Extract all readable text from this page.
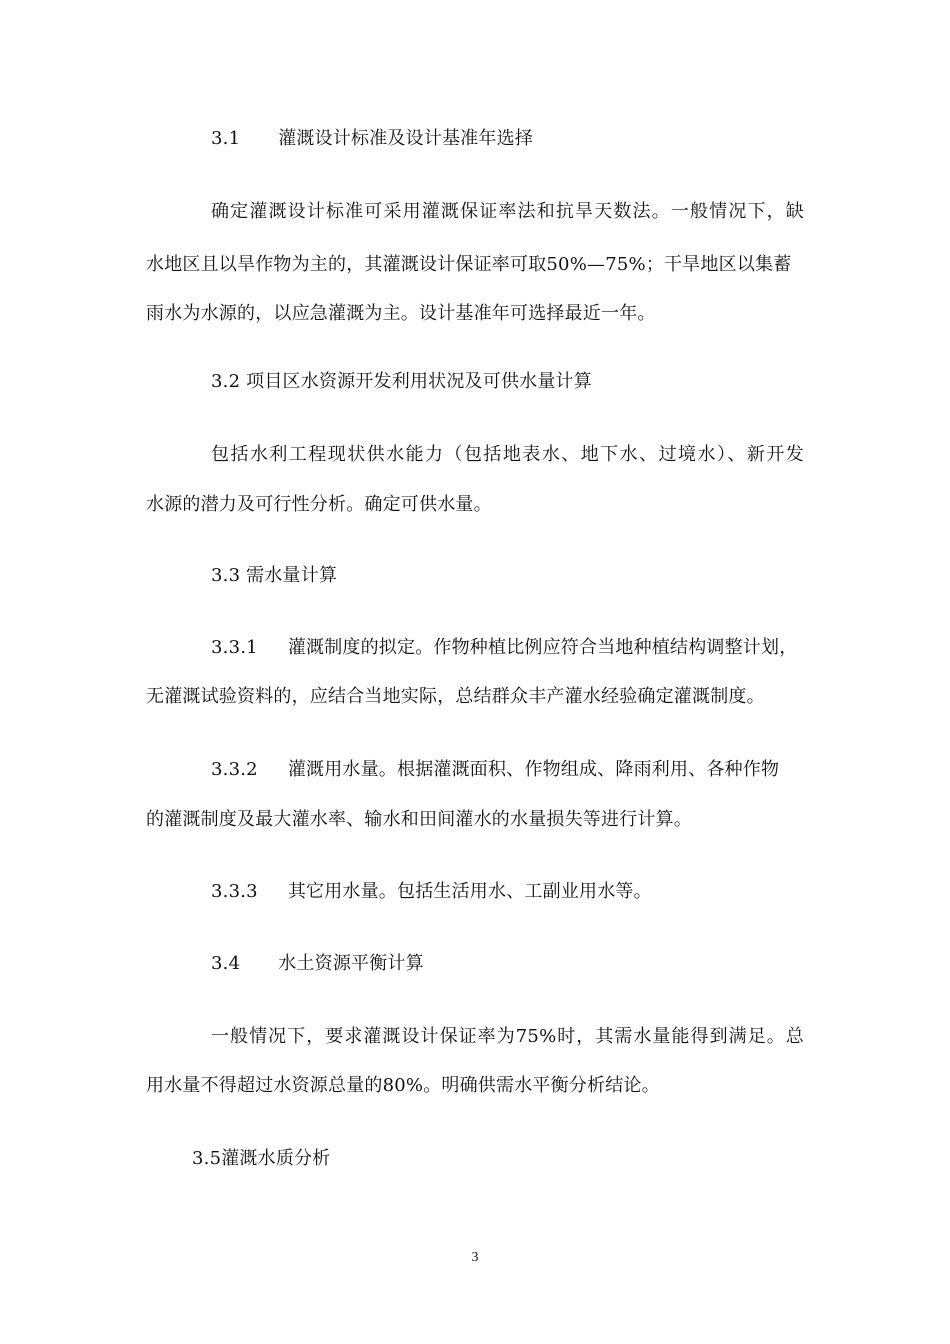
3.1 灌溉设计标准及设计基准年选择

确定灌溉设计标准可采用灌溉保证率法和抗旱天数法。一般情况下，缺

水地区且以旱作物为主的，其灌溉设计保证率可取50%—75%；干旱地区以集蓄

雨水为水源的，以应急灌溉为主。设计基准年可选择最近一年。

3.2 项目区水资源开发利用状况及可供水量计算

包括水利工程现状供水能力（包括地表水、地下水、过境水）、新开发

水源的潜力及可行性分析。确定可供水量。

3.3 需水量计算

3.3.1 灌溉制度的拟定。作物种植比例应符合当地种植结构调整计划，

无灌溉试验资料的，应结合当地实际，总结群众丰产灌水经验确定灌溉制度。

3.3.2 灌溉用水量。根据灌溉面积、作物组成、降雨利用、各种作物

的灌溉制度及最大灌水率、输水和田间灌水的水量损失等进行计算。

3.3.3 其它用水量。包括生活用水、工副业用水等。

3.4 水土资源平衡计算

一般情况下，要求灌溉设计保证率为75%时，其需水量能得到满足。总

用水量不得超过水资源总量的80%。明确供需水平衡分析结论。

3.5灌溉水质分析

3
